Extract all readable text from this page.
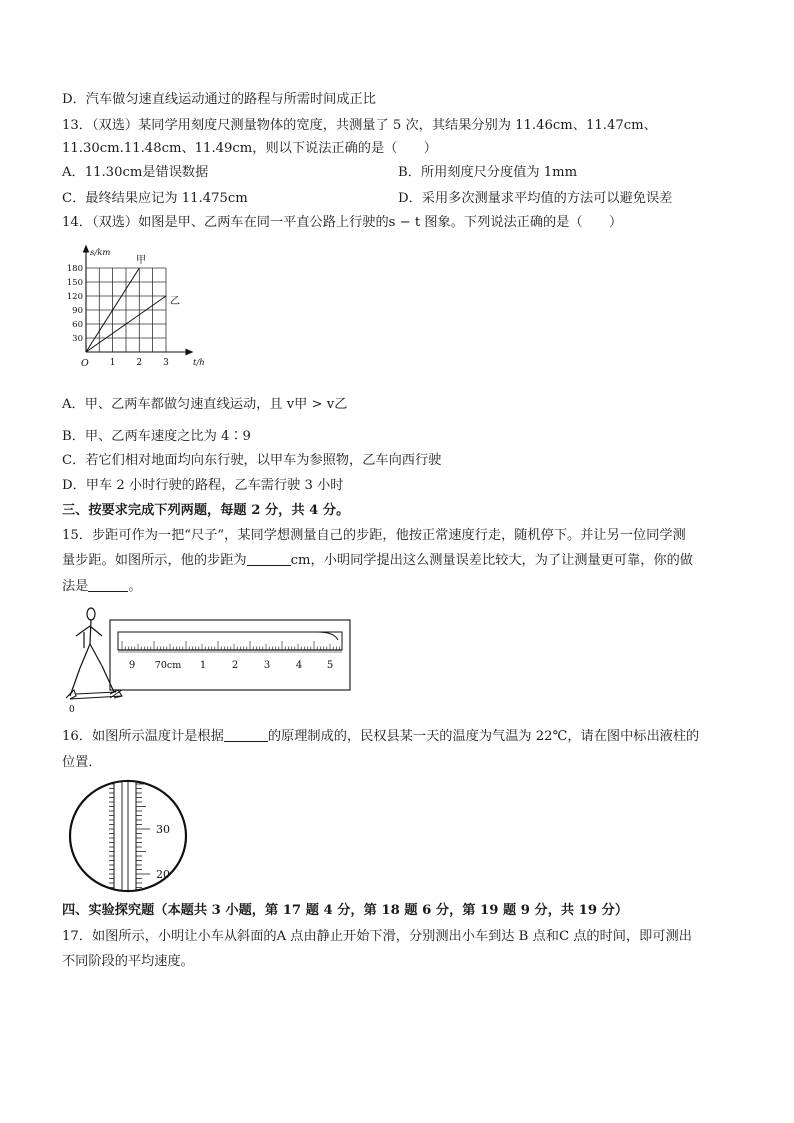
D．汽车做匀速直线运动通过的路程与所需时间成正比
13．（双选）某同学用刻度尺测量物体的宽度，共测量了 5 次，其结果分别为 11.46cm、11.47cm、
11.30cm.11.48cm、11.49cm，则以下说法正确的是（　　）
A．11.30cm是错误数据	B．所用刻度尺分度值为 1mm
C．最终结果应记为 11.475cm	D．采用多次测量求平均值的方法可以避免误差
14．（双选）如图是甲、乙两车在同一平直公路上行驶的s − t 图象。下列说法正确的是（　　）
180
150
120
90
60
30
1 2 3
O
s/km
t/h
甲
乙
A．甲、乙两车都做匀速直线运动，且 v甲 > v乙
B．甲、乙两车速度之比为 4∶9
C．若它们相对地面均向东行驶，以甲车为参照物，乙车向西行驶
D．甲车 2 小时行驶的路程，乙车需行驶 3 小时
三、按要求完成下列两题，每题 2 分，共 4 分。
15．步距可作为一把“尺子”，某同学想测量自己的步距，他按正常速度行走，随机停下。并让另一位同学测
量步距。如图所示，他的步距为	cm，小明同学提出这么测量误差比较大，为了让测量更可靠，你的做
法是	。
0
9 70cm 1	2	3	4 5
16．如图所示温度计是根据	的原理制成的，民权县某一天的温度为气温为 22℃，请在图中标出液柱的
位置．
30
20
四、实验探究题（本题共 3 小题，第 17 题 4 分，第 18 题 6 分，第 19 题 9 分，共 19 分）
17．如图所示，小明让小车从斜面的A 点由静止开始下滑，分别测出小车到达 B 点和C 点的时间，即可测出
不同阶段的平均速度。
